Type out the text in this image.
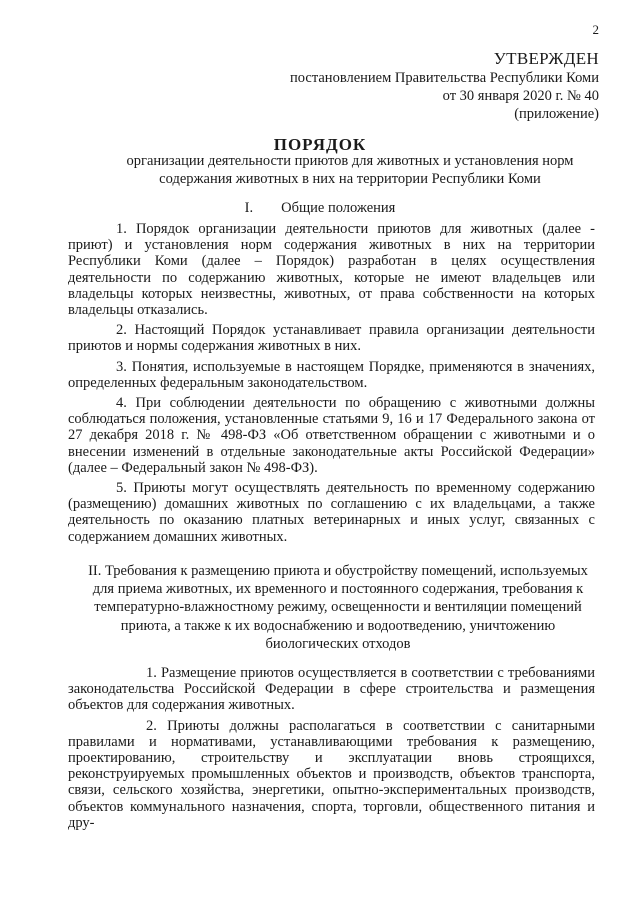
2
УТВЕРЖДЕН
постановлением Правительства Республики Коми
от 30 января 2020 г. № 40
(приложение)
ПОРЯДОК
организации деятельности приютов для животных и установления норм содержания животных в них на территории Республики Коми
I. Общие положения

1. Порядок организации деятельности приютов для животных (далее - приют) и установления норм содержания животных в них на территории Республики Коми (далее – Порядок) разработан в целях осуществления деятельности по содержанию животных, которые не имеют владельцев или владельцы которых неизвестны, животных, от права собственности на которых владельцы отказались.

2. Настоящий Порядок устанавливает правила организации деятельности приютов и нормы содержания животных в них.

3. Понятия, используемые в настоящем Порядке, применяются в значениях, определенных федеральным законодательством.

4. При соблюдении деятельности по обращению с животными должны соблюдаться положения, установленные статьями 9, 16 и 17 Федерального закона от 27 декабря 2018 г. № 498-ФЗ «Об ответственном обращении с животными и о внесении изменений в отдельные законодательные акты Российской Федерации» (далее – Федеральный закон № 498-ФЗ).

5. Приюты могут осуществлять деятельность по временному содержанию (размещению) домашних животных по соглашению с их владельцами, а также деятельность по оказанию платных ветеринарных и иных услуг, связанных с содержанием домашних животных.

II. Требования к размещению приюта и обустройству помещений, используемых для приема животных, их временного и постоянного содержания, требования к температурно-влажностному режиму, освещенности и вентиляции помещений приюта, а также к их водоснабжению и водоотведению, уничтожению биологических отходов

1. Размещение приютов осуществляется в соответствии с требованиями законодательства Российской Федерации в сфере строительства и размещения объектов для содержания животных.

2. Приюты должны располагаться в соответствии с санитарными правилами и нормативами, устанавливающими требования к размещению, проектированию, строительству и эксплуатации вновь строящихся, реконструируемых промышленных объектов и производств, объектов транспорта, связи, сельского хозяйства, энергетики, опытно-экспериментальных производств, объектов коммунального назначения, спорта, торговли, общественного питания и дру-
